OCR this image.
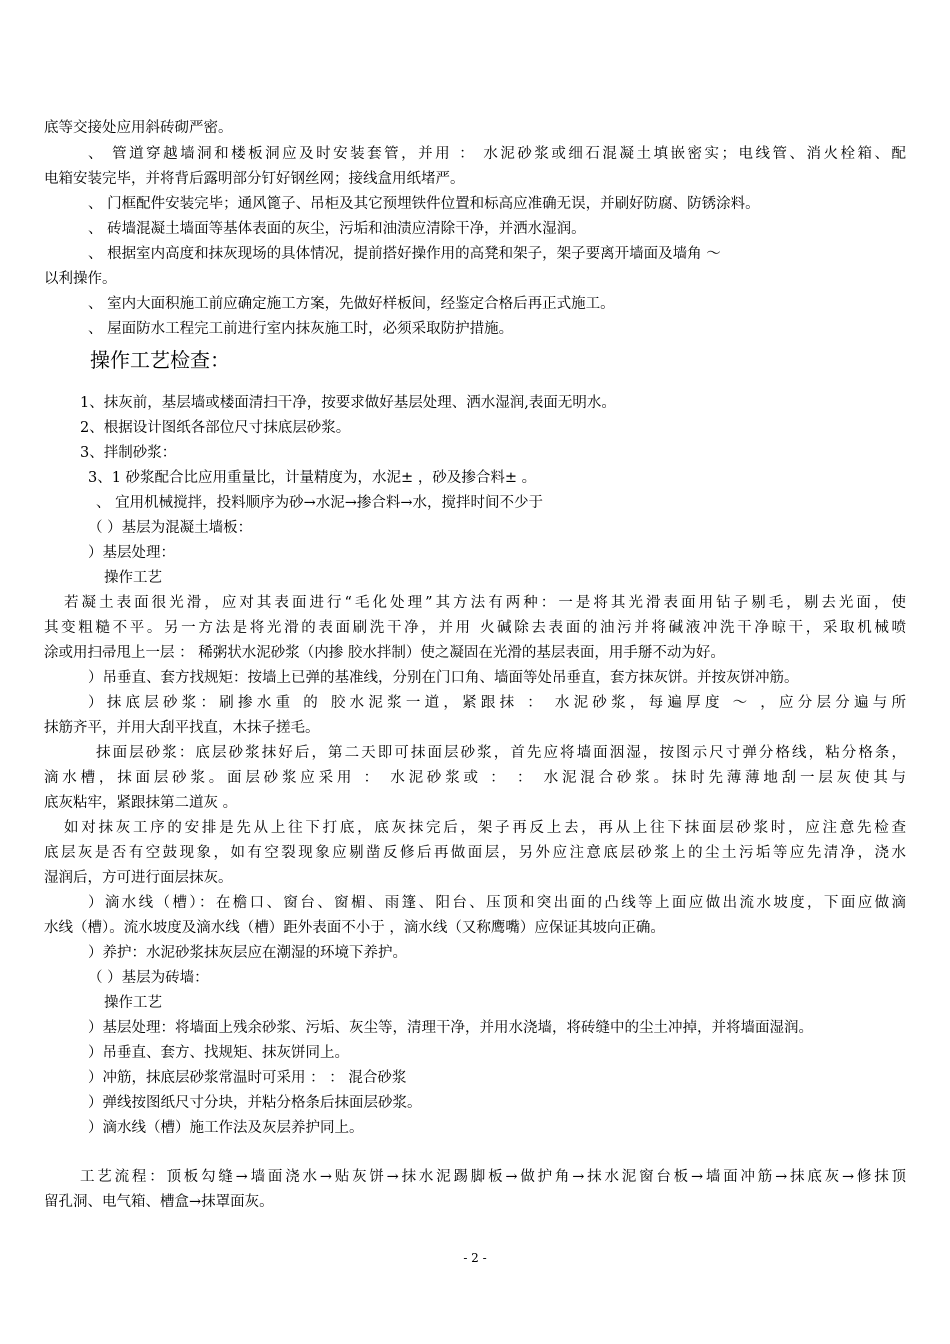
底等交接处应用斜砖砌严密。
、 管道穿越墙洞和楼板洞应及时安装套管，并用 ： 水泥砂浆或细石混凝土填嵌密实；电线管、消火栓箱、配
电箱安装完毕，并将背后露明部分钉好钢丝网；接线盒用纸堵严。
、 门框配件安装完毕；通风篦子、吊柜及其它预埋铁件位置和标高应准确无误，并刷好防腐、防锈涂料。
、 砖墙混凝土墙面等基体表面的灰尘，污垢和油渍应清除干净，并洒水湿润。
、 根据室内高度和抹灰现场的具体情况，提前搭好操作用的高凳和架子，架子要离开墙面及墙角 ～
以利操作。
、 室内大面积施工前应确定施工方案，先做好样板间，经鉴定合格后再正式施工。
、 屋面防水工程完工前进行室内抹灰施工时，必须采取防护措施。
操作工艺检查：
1、抹灰前，基层墙或楼面清扫干净，按要求做好基层处理、洒水湿润,表面无明水。
2、根据设计图纸各部位尺寸抹底层砂浆。
3、拌制砂浆：
3、1 砂浆配合比应用重量比，计量精度为，水泥± ，砂及掺合料± 。
、 宜用机械搅拌，投料顺序为砂→水泥→掺合料→水，搅拌时间不少于
（ ）基层为混凝土墙板：
）基层处理：
操作工艺
若凝土表面很光滑，应对其表面进行“毛化处理”其方法有两种：一是将其光滑表面用钻子剔毛，剔去光面，使
其变粗糙不平。另一方法是将光滑的表面刷洗干净，并用 火碱除去表面的油污并将碱液冲洗干净晾干，采取机械喷
涂或用扫帚甩上一层 ： 稀粥状水泥砂浆（内掺 胶水拌制）使之凝固在光滑的基层表面，用手掰不动为好。
）吊垂直、套方找规矩：按墙上已弹的基准线，分别在门口角、墙面等处吊垂直，套方抹灰饼。并按灰饼冲筋。
）抹底层砂浆：刷掺水重 的 胶水泥浆一道，紧跟抹 ： 水泥砂浆，每遍厚度 ～ ，应分层分遍与所
抹筋齐平，并用大刮平找直，木抹子搓毛。
抹面层砂浆：底层砂浆抹好后，第二天即可抹面层砂浆，首先应将墙面洇湿，按图示尺寸弹分格线，粘分格条，
滴水槽，抹面层砂浆。面层砂浆应采用 ： 水泥砂浆或 ： ： 水泥混合砂浆。抹时先薄薄地刮一层灰使其与
底灰粘牢，紧跟抹第二道灰 。
如对抹灰工序的安排是先从上往下打底，底灰抹完后，架子再反上去，再从上往下抹面层砂浆时，应注意先检查
底层灰是否有空鼓现象，如有空裂现象应剔凿反修后再做面层，另外应注意底层砂浆上的尘土污垢等应先清净，浇水
湿润后，方可进行面层抹灰。
）滴水线（槽）：在檐口、窗台、窗楣、雨篷、阳台、压顶和突出面的凸线等上面应做出流水坡度，下面应做滴
水线（槽）。流水坡度及滴水线（槽）距外表面不小于 ，滴水线（又称鹰嘴）应保证其坡向正确。
）养护：水泥砂浆抹灰层应在潮湿的环境下养护。
（ ）基层为砖墙：
操作工艺
）基层处理：将墙面上残余砂浆、污垢、灰尘等，清理干净，并用水浇墙，将砖缝中的尘土冲掉，并将墙面湿润。
）吊垂直、套方、找规矩、抹灰饼同上。
）冲筋，抹底层砂浆常温时可采用 ： ： 混合砂浆
）弹线按图纸尺寸分块，并粘分格条后抹面层砂浆。
）滴水线（槽）施工作法及灰层养护同上。
工艺流程：顶板勾缝→墙面浇水→贴灰饼→抹水泥踢脚板→做护角→抹水泥窗台板→墙面冲筋→抹底灰→修抹顶
留孔洞、电气箱、槽盒→抹罩面灰。
- 2 -
